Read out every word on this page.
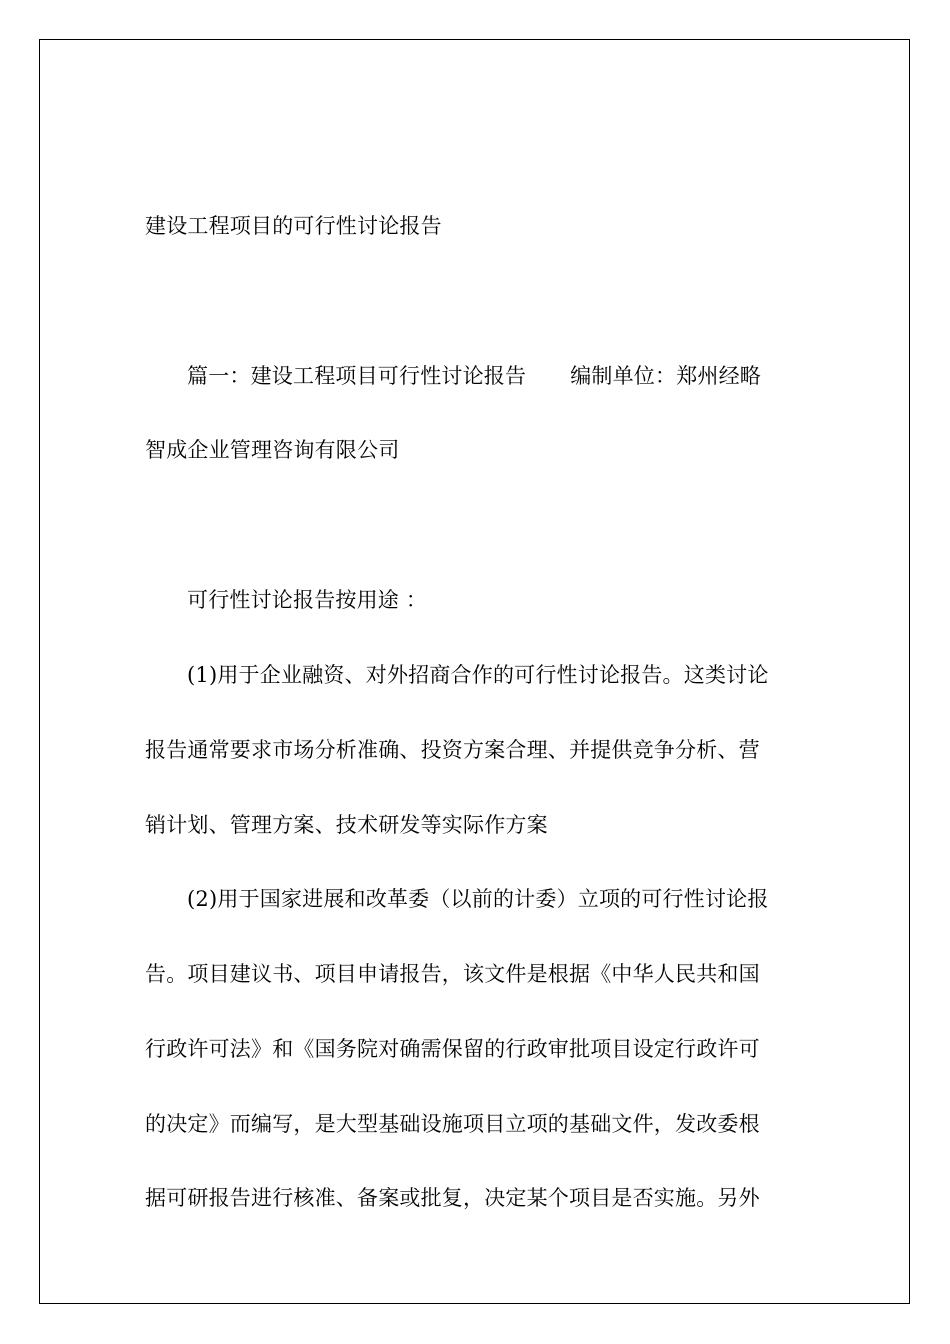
建设工程项目的可行性讨论报告
篇一：建设工程项目可行性讨论报告 编制单位：郑州经略
智成企业管理咨询有限公司
可行性讨论报告按用途 ：
(1)用于企业融资、对外招商合作的可行性讨论报告。这类讨论
报告通常要求市场分析准确、投资方案合理、并提供竞争分析、营
销计划、管理方案、技术研发等实际作方案
(2)用于国家进展和改革委（以前的计委）立项的可行性讨论报
告。项目建议书、项目申请报告，该文件是根据《中华人民共和国
行政许可法》和《国务院对确需保留的行政审批项目设定行政许可
的决定》而编写，是大型基础设施项目立项的基础文件，发改委根
据可研报告进行核准、备案或批复，决定某个项目是否实施。另外
